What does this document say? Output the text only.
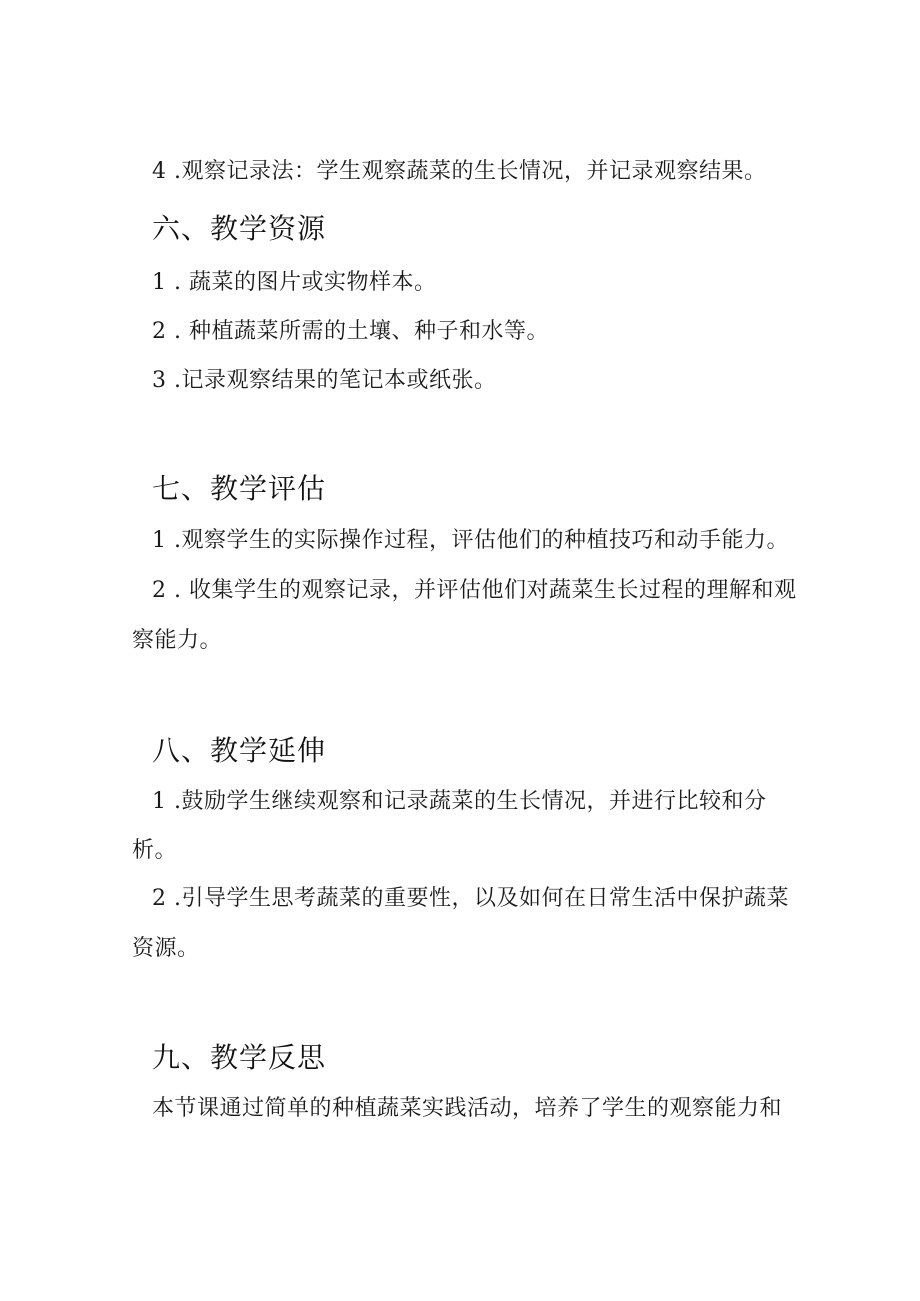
4 .观察记录法：学生观察蔬菜的生长情况，并记录观察结果。
六、教学资源
1 . 蔬菜的图片或实物样本。
2 . 种植蔬菜所需的土壤、种子和水等。
3 .记录观察结果的笔记本或纸张。
七、教学评估
1 .观察学生的实际操作过程，评估他们的种植技巧和动手能力。
2 . 收集学生的观察记录，并评估他们对蔬菜生长过程的理解和观
察能力。
八、教学延伸
1 .鼓励学生继续观察和记录蔬菜的生长情况，并进行比较和分
析。
2 .引导学生思考蔬菜的重要性，以及如何在日常生活中保护蔬菜
资源。
九、教学反思
本节课通过简单的种植蔬菜实践活动，培养了学生的观察能力和
